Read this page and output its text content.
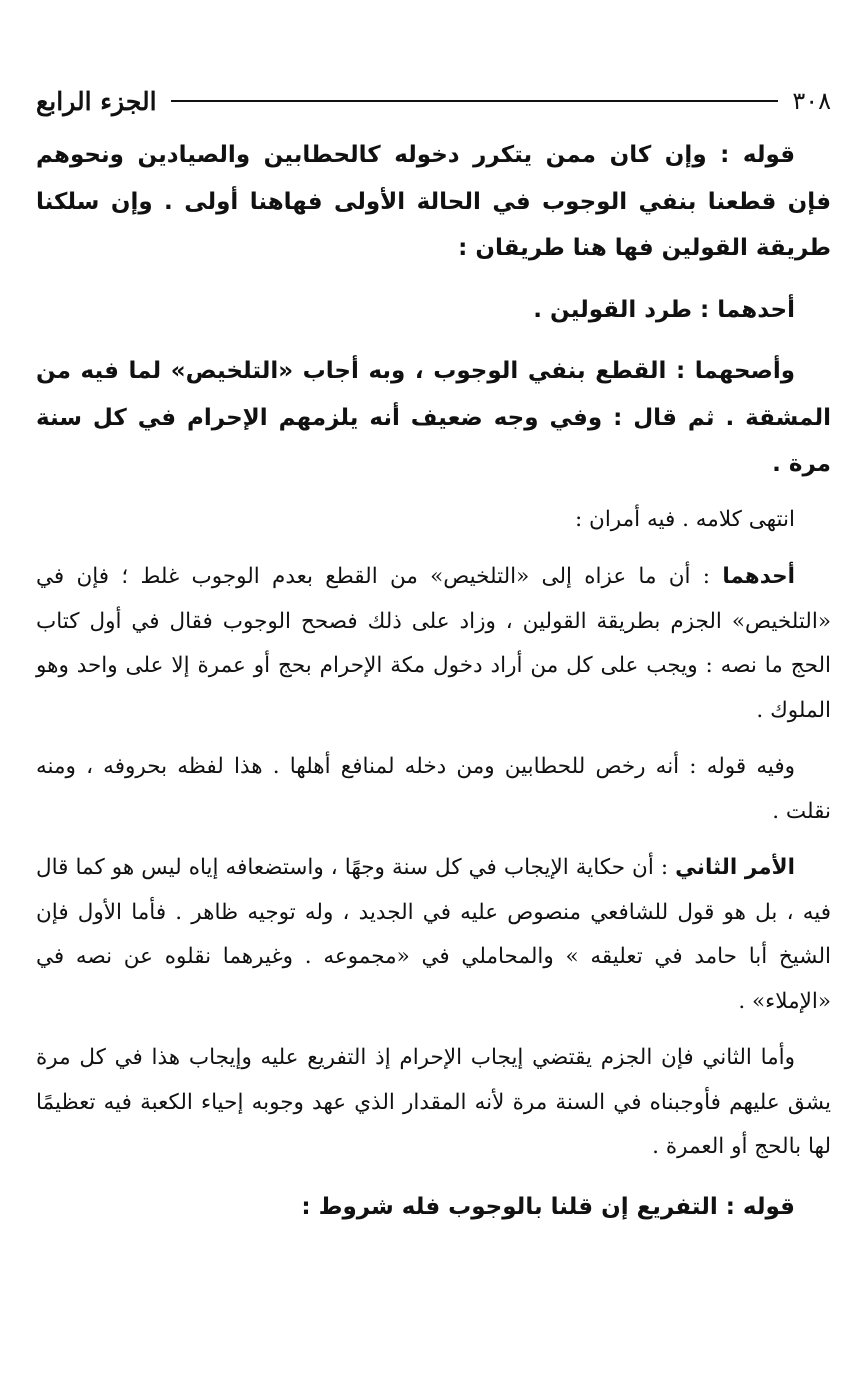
٣٠٨
الجزء الرابع

قوله : وإن كان ممن يتكرر دخوله كالحطابين والصيادين ونحوهم فإن قطعنا بنفي الوجوب في الحالة الأولى فهاهنا أولى . وإن سلكنا طريقة القولين فها هنا طريقان :

أحدهما : طرد القولين .

وأصحهما : القطع بنفي الوجوب ، وبه أجاب «التلخيص» لما فيه من المشقة . ثم قال : وفي وجه ضعيف أنه يلزمهم الإحرام في كل سنة مرة .

انتهى كلامه . فيه أمران :

أحدهما : أن ما عزاه إلى «التلخيص» من القطع بعدم الوجوب غلط ؛ فإن في «التلخيص» الجزم بطريقة القولين ، وزاد على ذلك فصحح الوجوب فقال في أول كتاب الحج ما نصه : ويجب على كل من أراد دخول مكة الإحرام بحج أو عمرة إلا على واحد وهو الملوك .

وفيه قوله : أنه رخص للحطابين ومن دخله لمنافع أهلها . هذا لفظه بحروفه ، ومنه نقلت .

الأمر الثاني : أن حكاية الإيجاب في كل سنة وجهًا ، واستضعافه إياه ليس هو كما قال فيه ، بل هو قول للشافعي منصوص عليه في الجديد ، وله توجيه ظاهر . فأما الأول فإن الشيخ أبا حامد في تعليقه » والمحاملي في «مجموعه . وغيرهما نقلوه عن نصه في «الإملاء» .

وأما الثاني فإن الجزم يقتضي إيجاب الإحرام إذ التفريع عليه وإيجاب هذا في كل مرة يشق عليهم فأوجبناه في السنة مرة لأنه المقدار الذي عهد وجوبه إحياء الكعبة فيه تعظيمًا لها بالحج أو العمرة .

قوله : التفريع إن قلنا بالوجوب فله شروط :
